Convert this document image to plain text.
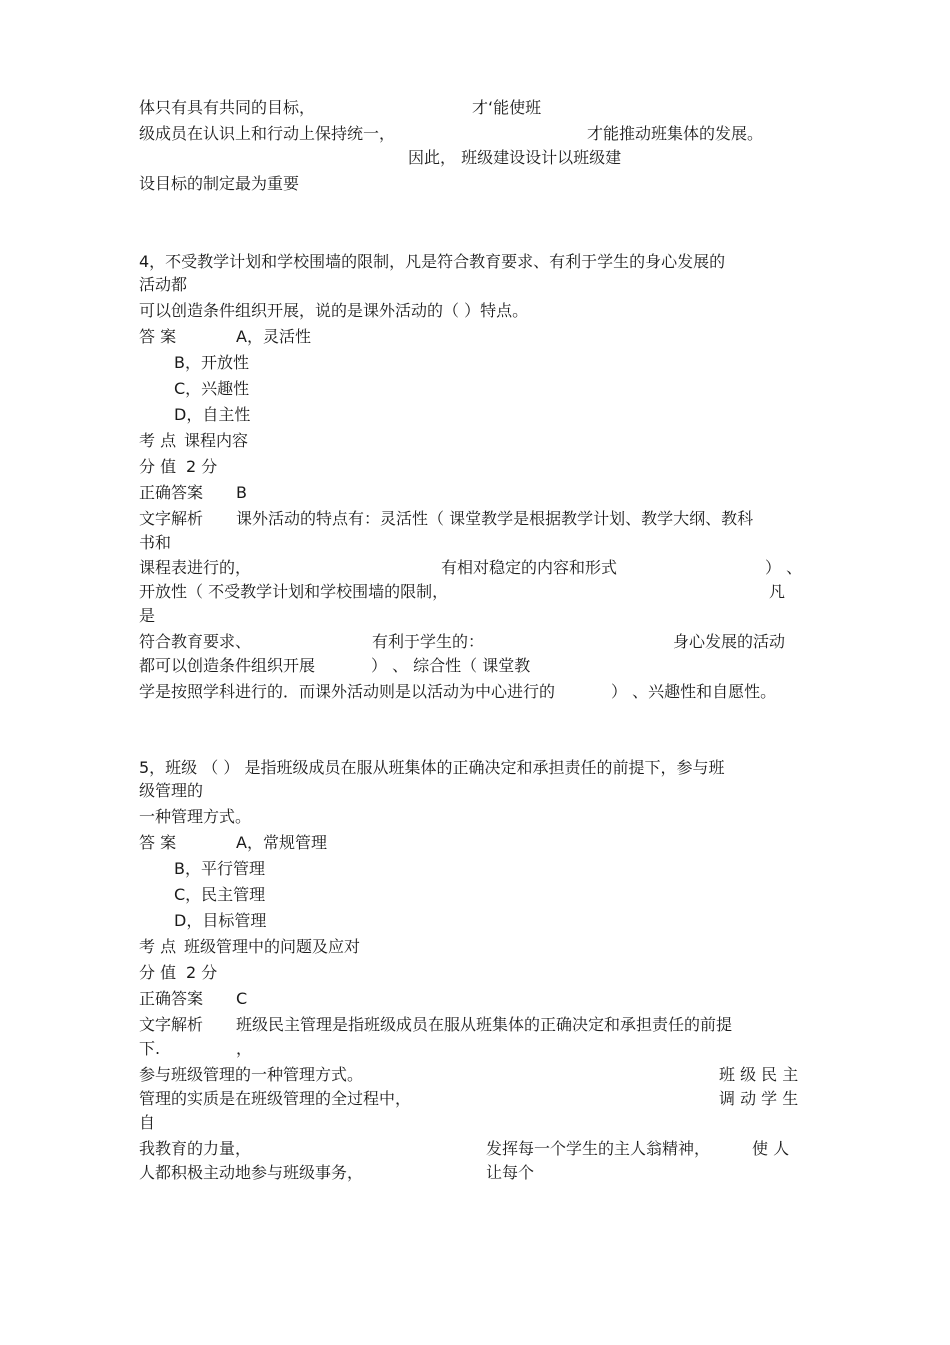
体只有具有共同的目标，	才‘能使班
级成员在认识上和行动上保持统一，	才能推动班集体的发展。
因此， 班级建设设计以班级建
设目标的制定最为重要
4，不受教学计划和学校围墙的限制，凡是符合教育要求、有利于学生的身心发展的
活动都
可以创造条件组织开展，说的是课外活动的（ ）特点。
答 案	A，灵活性
B，开放性
C，兴趣性
D，自主性
考 点 课程内容
分 值 2 分
正确答案 B
文字解析 课外活动的特点有：灵活性（ 课堂教学是根据教学计划、教学大纲、教科
书和
课程表进行的，	有相对稳定的内容和形式	） 、
开放性（ 不受教学计划和学校围墙的限制，	凡
是
符合教育要求、	有利于学生的：	身心发展的活动
都可以创造条件组织开展	） 、 综合性（ 课堂教
学是按照学科进行的．而课外活动则是以活动为中心进行的	） 、兴趣性和自愿性。
5，班级 （ ） 是指班级成员在服从班集体的正确决定和承担责任的前提下，参与班
级管理的
一种管理方式。
答 案	A，常规管理
B，平行管理
C，民主管理
D，目标管理
考 点 班级管理中的问题及应对
分 值 2 分
正确答案 C
文字解析 班级民主管理是指班级成员在服从班集体的正确决定和承担责任的前提
下.	，
参与班级管理的一种管理方式。	班 级 民 主
管理的实质是在班级管理的全过程中，	调 动 学 生
自
我教育的力量，	发挥每一个学生的主人翁精神，	使 人
人都积极主动地参与班级事务，	让每个
